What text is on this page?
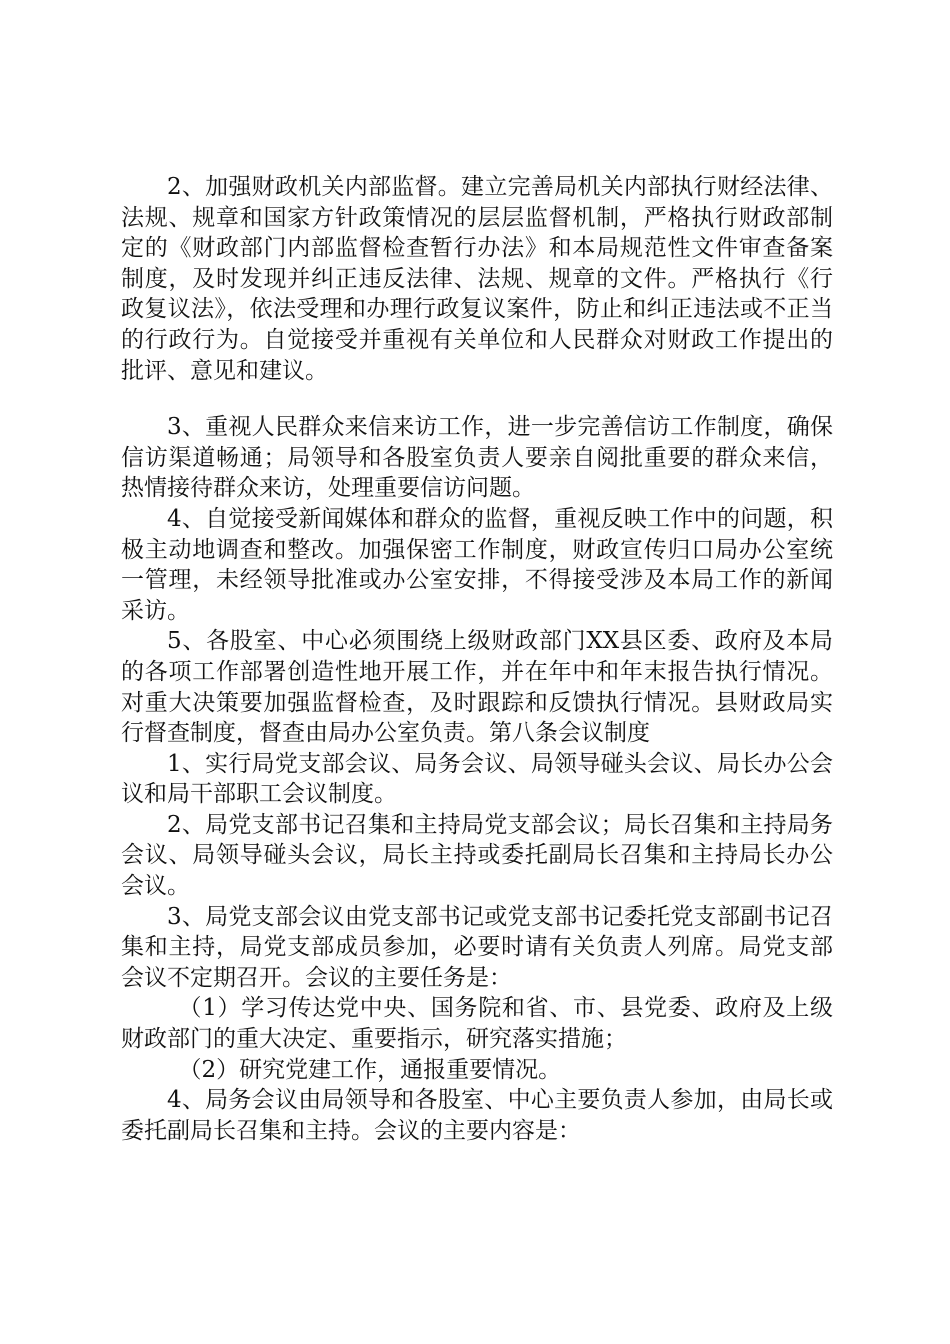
2、加强财政机关内部监督。建立完善局机关内部执行财经法律、法规、规章和国家方针政策情况的层层监督机制，严格执行财政部制定的《财政部门内部监督检查暂行办法》和本局规范性文件审查备案制度，及时发现并纠正违反法律、法规、规章的文件。严格执行《行政复议法》，依法受理和办理行政复议案件，防止和纠正违法或不正当的行政行为。自觉接受并重视有关单位和人民群众对财政工作提出的批评、意见和建议。

3、重视人民群众来信来访工作，进一步完善信访工作制度，确保信访渠道畅通；局领导和各股室负责人要亲自阅批重要的群众来信，热情接待群众来访，处理重要信访问题。

4、自觉接受新闻媒体和群众的监督，重视反映工作中的问题，积极主动地调查和整改。加强保密工作制度，财政宣传归口局办公室统一管理，未经领导批准或办公室安排，不得接受涉及本局工作的新闻采访。

5、各股室、中心必须围绕上级财政部门XX县区委、政府及本局的各项工作部署创造性地开展工作，并在年中和年末报告执行情况。对重大决策要加强监督检查，及时跟踪和反馈执行情况。县财政局实行督查制度，督查由局办公室负责。第八条会议制度

1、实行局党支部会议、局务会议、局领导碰头会议、局长办公会议和局干部职工会议制度。

2、局党支部书记召集和主持局党支部会议；局长召集和主持局务会议、局领导碰头会议，局长主持或委托副局长召集和主持局长办公会议。

3、局党支部会议由党支部书记或党支部书记委托党支部副书记召集和主持，局党支部成员参加，必要时请有关负责人列席。局党支部会议不定期召开。会议的主要任务是：

（1）学习传达党中央、国务院和省、市、县党委、政府及上级财政部门的重大决定、重要指示，研究落实措施；

（2）研究党建工作，通报重要情况。

4、局务会议由局领导和各股室、中心主要负责人参加，由局长或委托副局长召集和主持。会议的主要内容是：
